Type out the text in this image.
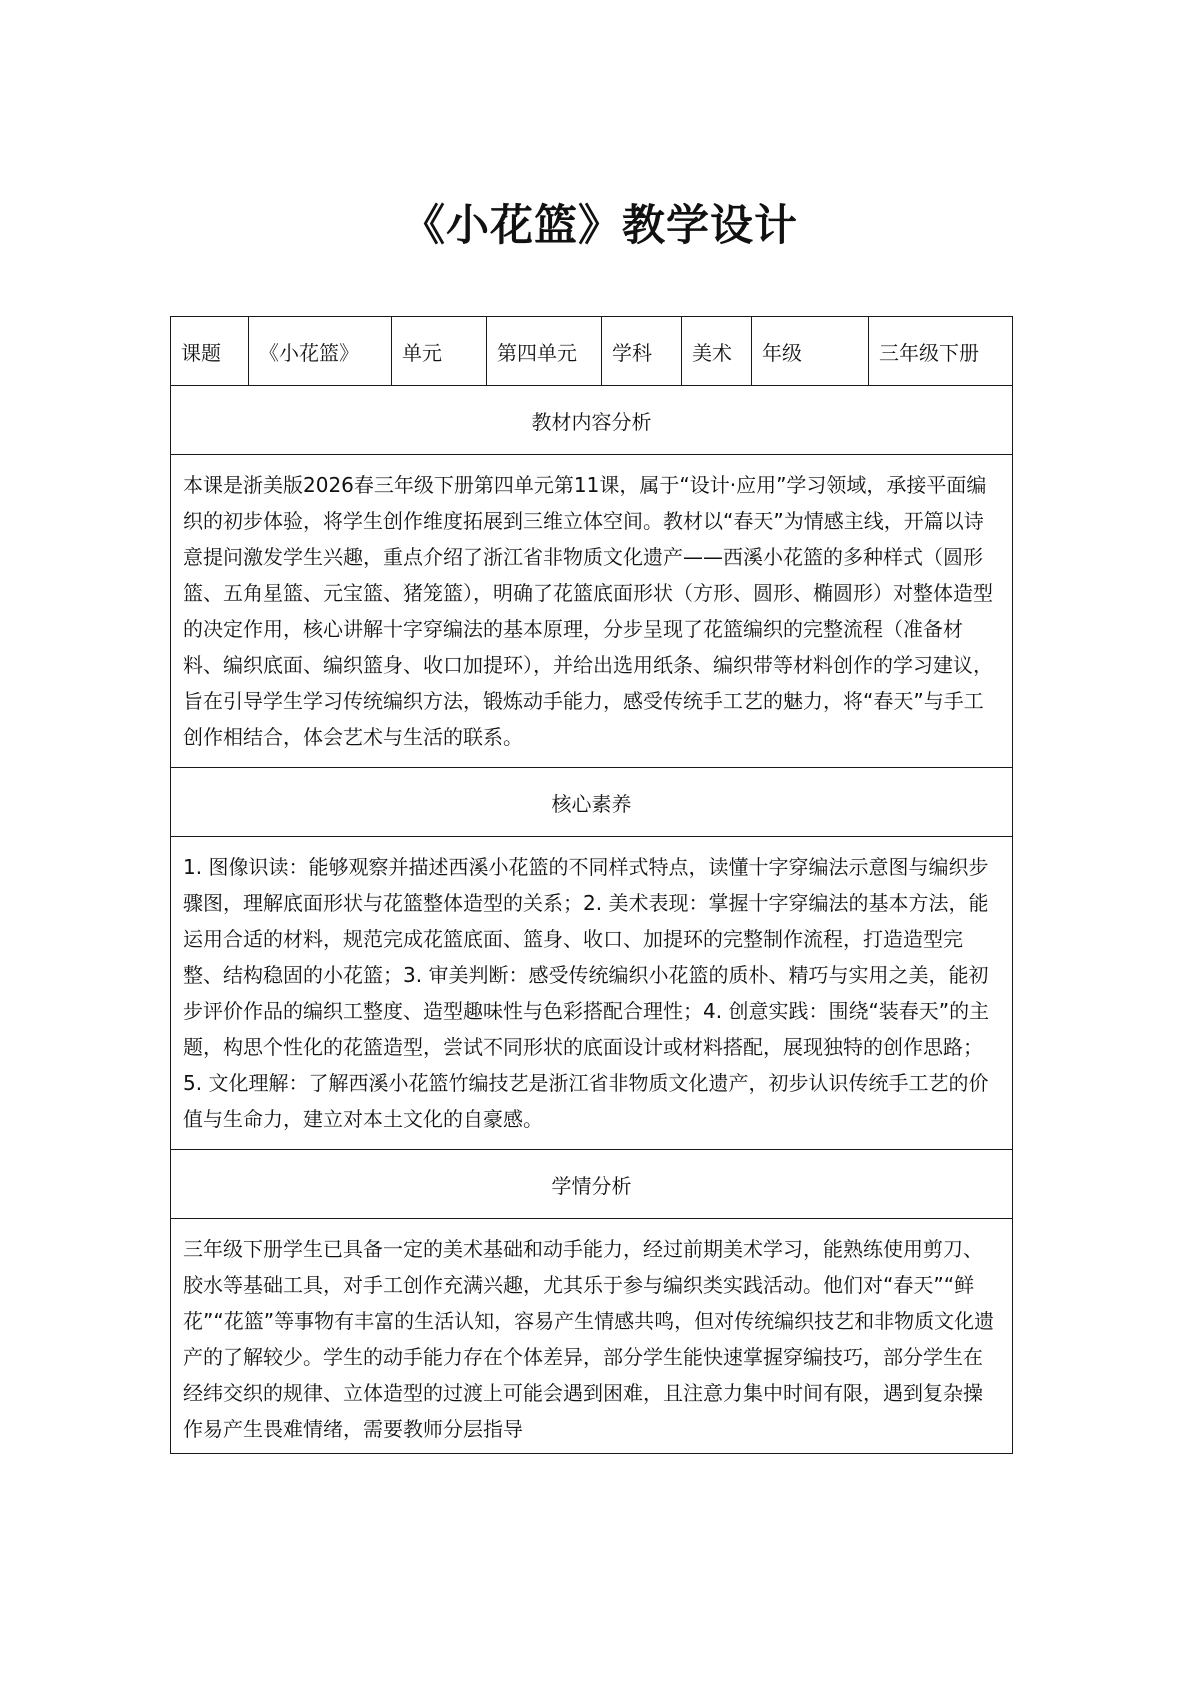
《小花篮》教学设计
课题	《小花篮》	单元	第四单元	学科	美术	年级	三年级下册
教材内容分析
本课是浙美版2026春三年级下册第四单元第11课，属于“设计·应用”学习领域，承接平面编织的初步体验，将学生创作维度拓展到三维立体空间。教材以“春天”为情感主线，开篇以诗意提问激发学生兴趣，重点介绍了浙江省非物质文化遗产——西溪小花篮的多种样式（圆形篮、五角星篮、元宝篮、猪笼篮），明确了花篮底面形状（方形、圆形、椭圆形）对整体造型的决定作用，核心讲解十字穿编法的基本原理，分步呈现了花篮编织的完整流程（准备材料、编织底面、编织篮身、收口加提环），并给出选用纸条、编织带等材料创作的学习建议，旨在引导学生学习传统编织方法，锻炼动手能力，感受传统手工艺的魅力，将“春天”与手工创作相结合，体会艺术与生活的联系。
核心素养
1. 图像识读：能够观察并描述西溪小花篮的不同样式特点，读懂十字穿编法示意图与编织步骤图，理解底面形状与花篮整体造型的关系；2. 美术表现：掌握十字穿编法的基本方法，能运用合适的材料，规范完成花篮底面、篮身、收口、加提环的完整制作流程，打造造型完整、结构稳固的小花篮；3. 审美判断：感受传统编织小花篮的质朴、精巧与实用之美，能初步评价作品的编织工整度、造型趣味性与色彩搭配合理性；4. 创意实践：围绕“装春天”的主题，构思个性化的花篮造型，尝试不同形状的底面设计或材料搭配，展现独特的创作思路；5. 文化理解：了解西溪小花篮竹编技艺是浙江省非物质文化遗产，初步认识传统手工艺的价值与生命力，建立对本土文化的自豪感。
学情分析
三年级下册学生已具备一定的美术基础和动手能力，经过前期美术学习，能熟练使用剪刀、胶水等基础工具，对手工创作充满兴趣，尤其乐于参与编织类实践活动。他们对“春天”“鲜花”“花篮”等事物有丰富的生活认知，容易产生情感共鸣，但对传统编织技艺和非物质文化遗产的了解较少。学生的动手能力存在个体差异，部分学生能快速掌握穿编技巧，部分学生在经纬交织的规律、立体造型的过渡上可能会遇到困难，且注意力集中时间有限，遇到复杂操作易产生畏难情绪，需要教师分层指导
